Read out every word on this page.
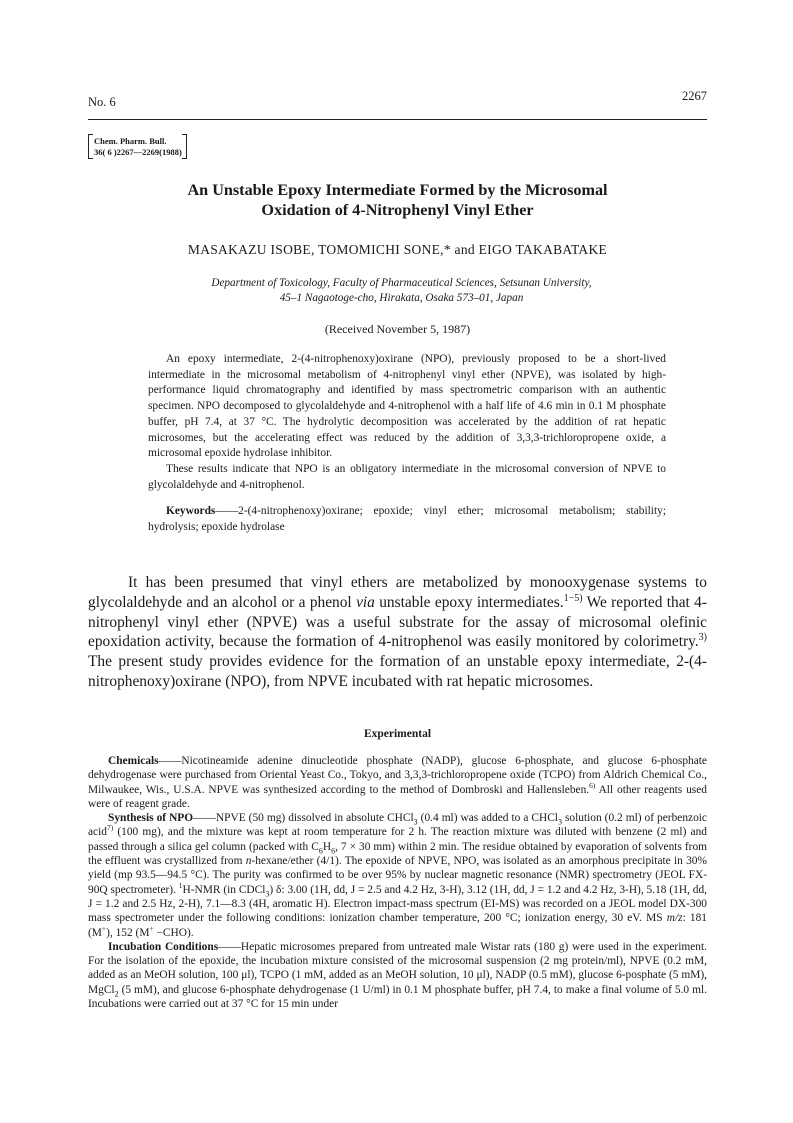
No. 6	2267
Chem. Pharm. Bull.
36( 6 )2267—2269(1988)
An Unstable Epoxy Intermediate Formed by the Microsomal
Oxidation of 4-Nitrophenyl Vinyl Ether
MASAKAZU ISOBE, TOMOMICHI SONE,* and EIGO TAKABATAKE
Department of Toxicology, Faculty of Pharmaceutical Sciences, Setsunan University,
45–1 Nagaotoge-cho, Hirakata, Osaka 573–01, Japan
(Received November 5, 1987)

An epoxy intermediate, 2-(4-nitrophenoxy)oxirane (NPO), previously proposed to be a short-lived intermediate in the microsomal metabolism of 4-nitrophenyl vinyl ether (NPVE), was isolated by high-performance liquid chromatography and identified by mass spectrometric comparison with an authentic specimen. NPO decomposed to glycolaldehyde and 4-nitrophenol with a half life of 4.6 min in 0.1 M phosphate buffer, pH 7.4, at 37 °C. The hydrolytic decomposition was accelerated by the addition of rat hepatic microsomes, but the accelerating effect was reduced by the addition of 3,3,3-trichloropropene oxide, a microsomal epoxide hydrolase inhibitor.

These results indicate that NPO is an obligatory intermediate in the microsomal conversion of NPVE to glycolaldehyde and 4-nitrophenol.

Keywords——2-(4-nitrophenoxy)oxirane; epoxide; vinyl ether; microsomal metabolism; stability; hydrolysis; epoxide hydrolase

It has been presumed that vinyl ethers are metabolized by monooxygenase systems to glycolaldehyde and an alcohol or a phenol via unstable epoxy intermediates.$^{1-5)}$ We reported that 4-nitrophenyl vinyl ether (NPVE) was a useful substrate for the assay of microsomal olefinic epoxidation activity, because the formation of 4-nitrophenol was easily monitored by colorimetry.$^{3)}$ The present study provides evidence for the formation of an unstable epoxy intermediate, 2-(4-nitrophenoxy)oxirane (NPO), from NPVE incubated with rat hepatic microsomes.

Experimental

Chemicals——Nicotineamide adenine dinucleotide phosphate (NADP), glucose 6-phosphate, and glucose 6-phosphate dehydrogenase were purchased from Oriental Yeast Co., Tokyo, and 3,3,3-trichloropropene oxide (TCPO) from Aldrich Chemical Co., Milwaukee, Wis., U.S.A. NPVE was synthesized according to the method of Dombroski and Hallensleben.$^{6)}$ All other reagents used were of reagent grade.

Synthesis of NPO——NPVE (50 mg) dissolved in absolute CHCl$_3$ (0.4 ml) was added to a CHCl$_3$ solution (0.2 ml) of perbenzoic acid$^{7)}$ (100 mg), and the mixture was kept at room temperature for 2 h. The reaction mixture was diluted with benzene (2 ml) and passed through a silica gel column (packed with $C_6H_6$, 7 × 30 mm) within 2 min. The residue obtained by evaporation of solvents from the effluent was crystallized from n-hexane/ether (4/1). The epoxide of NPVE, NPO, was isolated as an amorphous precipitate in 30% yield (mp 93.5—94.5 °C). The purity was confirmed to be over 95% by nuclear magnetic resonance (NMR) spectrometry (JEOL FX-90Q spectrometer). $^1$H-NMR (in CDCl$_3$) δ: 3.00 (1H, dd, J = 2.5 and 4.2 Hz, 3-H), 3.12 (1H, dd, J = 1.2 and 4.2 Hz, 3-H), 5.18 (1H, dd, J = 1.2 and 2.5 Hz, 2-H), 7.1—8.3 (4H, aromatic H). Electron impact-mass spectrum (EI-MS) was recorded on a JEOL model DX-300 mass spectrometer under the following conditions: ionization chamber temperature, 200 °C; ionization energy, 30 eV. MS m/z: 181 (M+), 152 (M+ −CHO).

Incubation Conditions——Hepatic microsomes prepared from untreated male Wistar rats (180 g) were used in the experiment. For the isolation of the epoxide, the incubation mixture consisted of the microsomal suspension (2 mg protein/ml), NPVE (0.2 mM, added as an MeOH solution, 100 μl), TCPO (1 mM, added as an MeOH solution, 10 μl), NADP (0.5 mM), glucose 6-posphate (5 mM), MgCl$_2$ (5 mM), and glucose 6-phosphate dehydrogenase (1 U/ml) in 0.1 M phosphate buffer, pH 7.4, to make a final volume of 5.0 ml. Incubations were carried out at 37 °C for 15 min under
